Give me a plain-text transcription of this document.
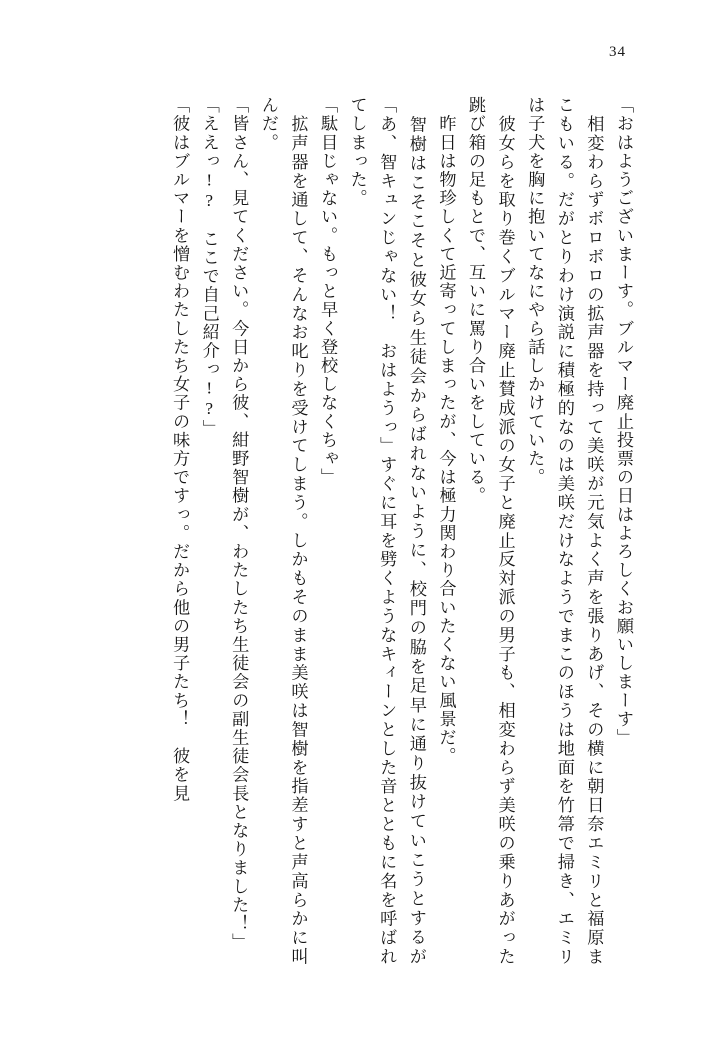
34
「おはようございまーす。ブルマー廃止投票の日はよろしくお願いしまーす」
　相変わらずボロボロの拡声器を持って美咲が元気よく声を張りあげ、その横に朝日奈エミリと福原まこもいる。だがとりわけ演説に積極的なのは美咲だけなようでまこのほうは地面を竹箒で掃き、エミリは子犬を胸に抱いてなにやら話しかけていた。
　彼女らを取り巻くブルマー廃止賛成派の女子と廃止反対派の男子も、相変わらず美咲の乗りあがった跳び箱の足もとで、互いに罵り合いをしている。
　昨日は物珍しくて近寄ってしまったが、今は極力関わり合いたくない風景だ。
　智樹はこそこそと彼女ら生徒会からばれないように、校門の脇を足早に通り抜けていこうとするが「あ、智キュンじゃない！　おはようっ」すぐに耳を劈くようなキィーンとした音とともに名を呼ばれてしまった。
「駄目じゃない。もっと早く登校しなくちゃ」
　拡声器を通して、そんなお叱りを受けてしまう。しかもそのまま美咲は智樹を指差すと声高らかに叫んだ。
「皆さん、見てください。今日から彼、紺野智樹が、わたしたち生徒会の副生徒会長となりました！」
「ええっ!?　ここで自己紹介っ!?」
「彼はブルマーを憎むわたしたち女子の味方ですっ。だから他の男子たち！　彼を見
